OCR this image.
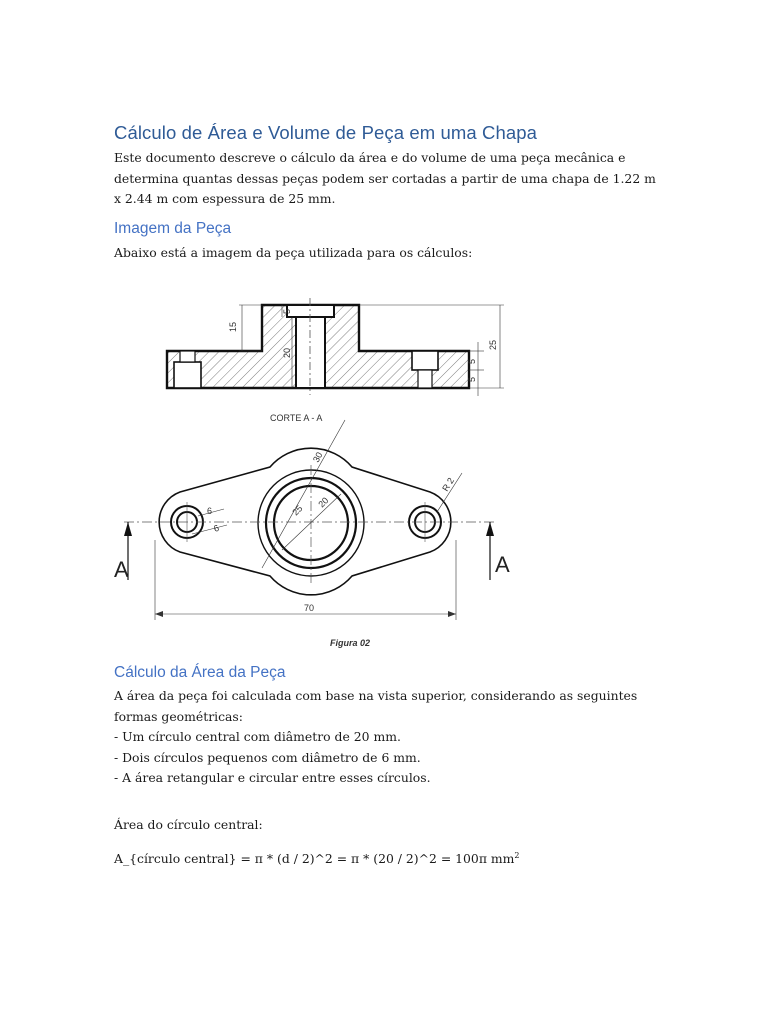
Cálculo de Área e Volume de Peça em uma Chapa

Este documento descreve o cálculo da área e do volume de uma peça mecânica e determina quantas dessas peças podem ser cortadas a partir de uma chapa de 1.22 m x 2.44 m com espessura de 25 mm.

Imagem da Peça

Abaixo está a imagem da peça utilizada para os cálculos:

15
5
20
25
5
5
CORTE A - A
30
25
20
6
6
R 2
A	A
70
Figura 02
Cálculo da Área da Peça

A área da peça foi calculada com base na vista superior, considerando as seguintes formas geométricas:

- Um círculo central com diâmetro de 20 mm.
- Dois círculos pequenos com diâmetro de 6 mm.
- A área retangular e circular entre esses círculos.

Área do círculo central:

A_{círculo central} = π * (d / 2)^2 = π * (20 / 2)^2 = 100π $mm^2$
